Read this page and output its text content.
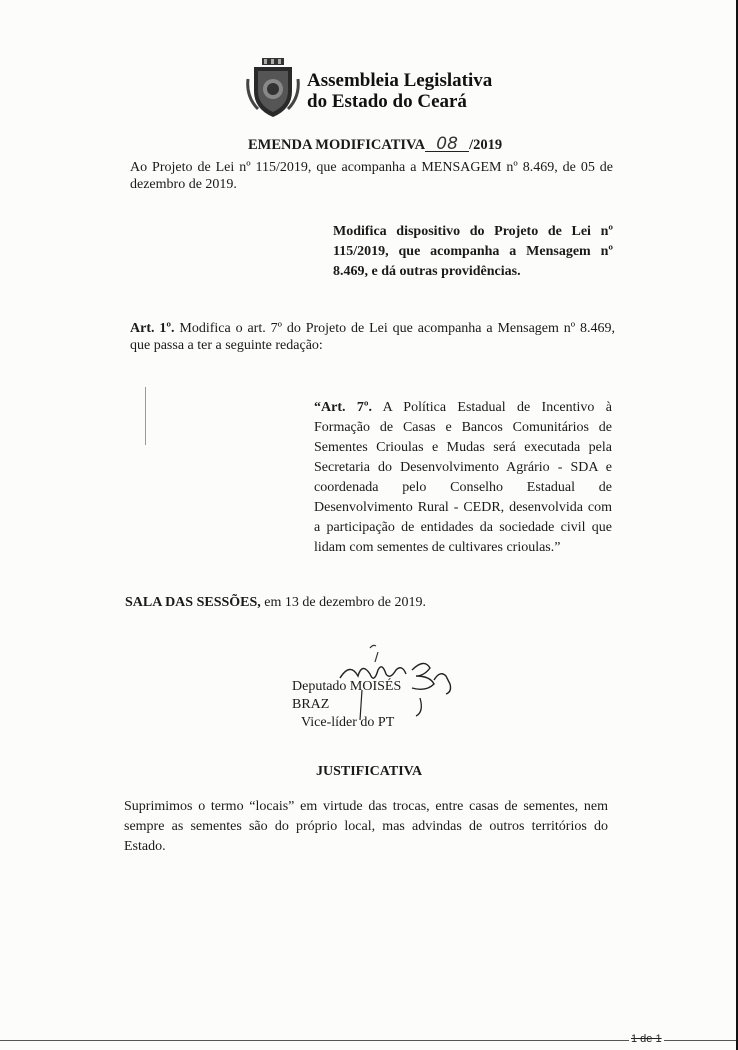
Assembleia Legislativa
do Estado do Ceará
EMENDA MODIFICATIVA 08 /2019
Ao Projeto de Lei nº 115/2019, que acompanha a MENSAGEM nº 8.469, de 05 de dezembro de 2019.
Modifica dispositivo do Projeto de Lei nº 115/2019, que acompanha a Mensagem nº 8.469, e dá outras providências.
Art. 1º. Modifica o art. 7º do Projeto de Lei que acompanha a Mensagem nº 8.469, que passa a ter a seguinte redação:
“Art. 7º. A Política Estadual de Incentivo à Formação de Casas e Bancos Comunitários de Sementes Crioulas e Mudas será executada pela Secretaria do Desenvolvimento Agrário - SDA e coordenada pelo Conselho Estadual de Desenvolvimento Rural - CEDR, desenvolvida com a participação de entidades da sociedade civil que lidam com sementes de cultivares crioulas.”
SALA DAS SESSÕES, em 13 de dezembro de 2019.
Deputado MOISÉS BRAZ
Vice-líder do PT
JUSTIFICATIVA
Suprimimos o termo “locais” em virtude das trocas, entre casas de sementes, nem sempre as sementes são do próprio local, mas advindas de outros territórios do Estado.
1 de 1
